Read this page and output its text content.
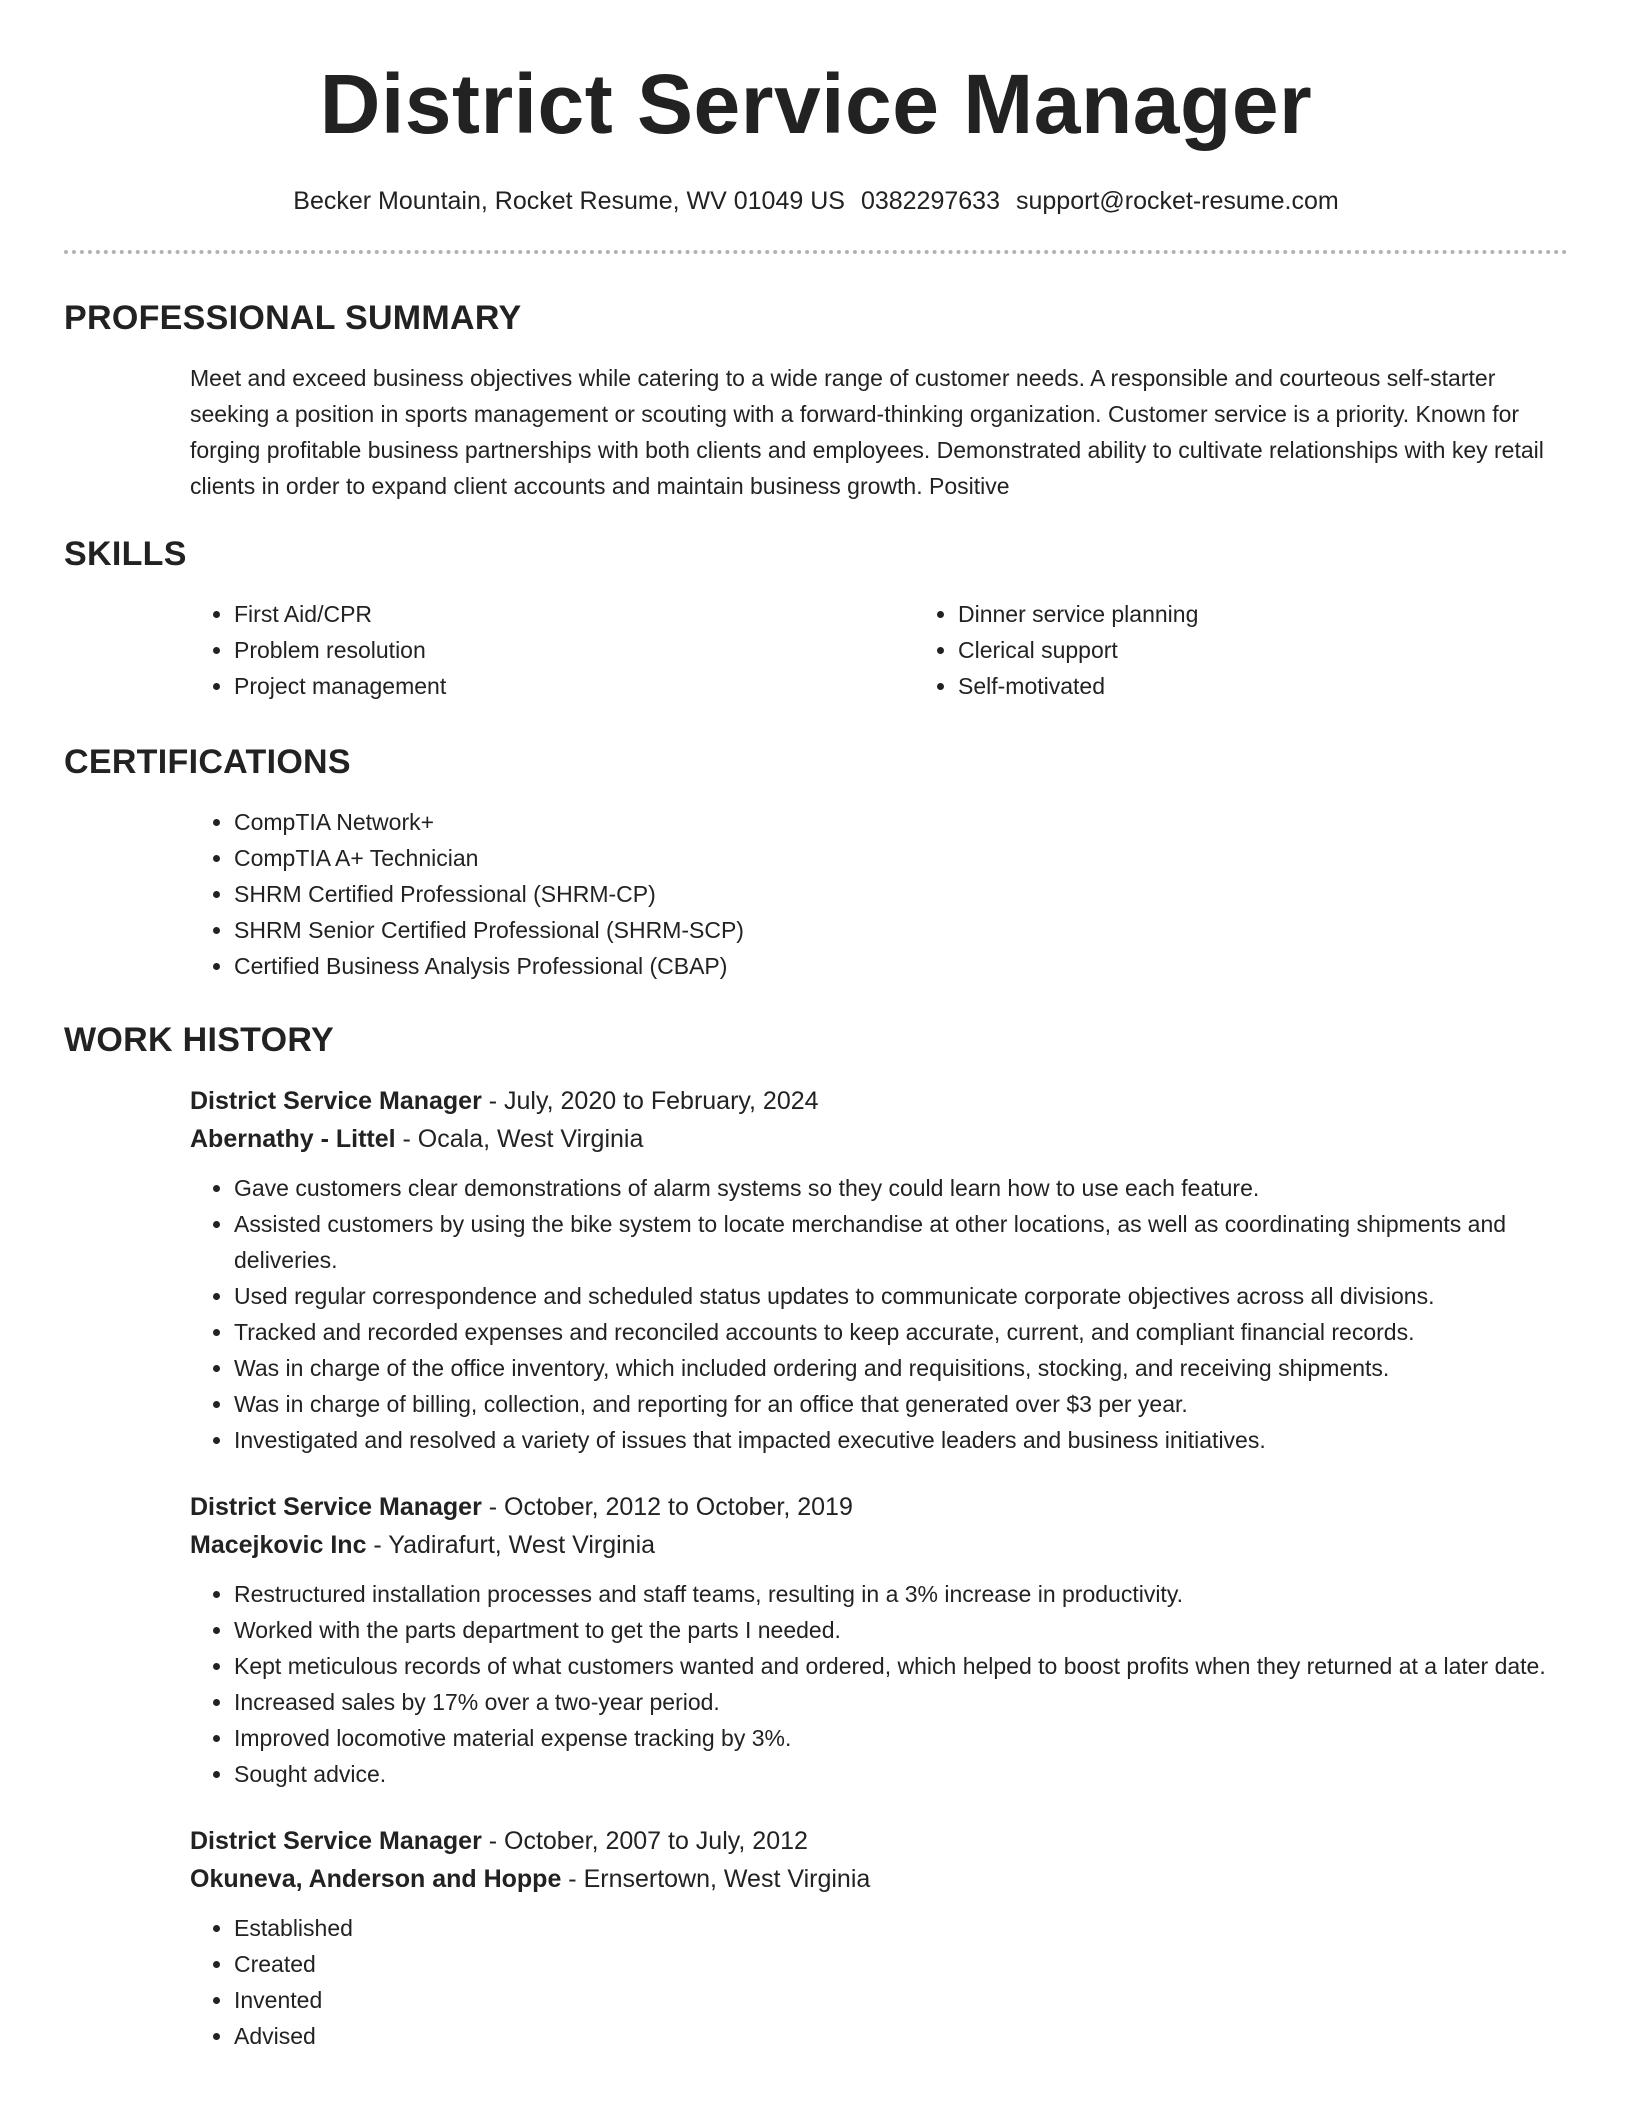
District Service Manager
Becker Mountain, Rocket Resume, WV 01049 US 0382297633 support@rocket-resume.com
PROFESSIONAL SUMMARY

Meet and exceed business objectives while catering to a wide range of customer needs. A responsible and courteous self-starter seeking a position in sports management or scouting with a forward-thinking organization. Customer service is a priority. Known for forging profitable business partnerships with both clients and employees. Demonstrated ability to cultivate relationships with key retail clients in order to expand client accounts and maintain business growth. Positive

SKILLS
• First Aid/CPR
• Problem resolution
• Project management
• Dinner service planning
• Clerical support
• Self-motivated
CERTIFICATIONS
• CompTIA Network+
• CompTIA A+ Technician
• SHRM Certified Professional (SHRM-CP)
• SHRM Senior Certified Professional (SHRM-SCP)
• Certified Business Analysis Professional (CBAP)
WORK HISTORY
District Service Manager - July, 2020 to February, 2024
Abernathy - Littel - Ocala, West Virginia
• Gave customers clear demonstrations of alarm systems so they could learn how to use each feature.
• Assisted customers by using the bike system to locate merchandise at other locations, as well as coordinating shipments and deliveries.
• Used regular correspondence and scheduled status updates to communicate corporate objectives across all divisions.
• Tracked and recorded expenses and reconciled accounts to keep accurate, current, and compliant financial records.
• Was in charge of the office inventory, which included ordering and requisitions, stocking, and receiving shipments.
• Was in charge of billing, collection, and reporting for an office that generated over $3 per year.
• Investigated and resolved a variety of issues that impacted executive leaders and business initiatives.
District Service Manager - October, 2012 to October, 2019
Macejkovic Inc - Yadirafurt, West Virginia
• Restructured installation processes and staff teams, resulting in a 3% increase in productivity.
• Worked with the parts department to get the parts I needed.
• Kept meticulous records of what customers wanted and ordered, which helped to boost profits when they returned at a later date.
• Increased sales by 17% over a two-year period.
• Improved locomotive material expense tracking by 3%.
• Sought advice.
District Service Manager - October, 2007 to July, 2012
Okuneva, Anderson and Hoppe - Ernsertown, West Virginia
• Established
• Created
• Invented
• Advised
